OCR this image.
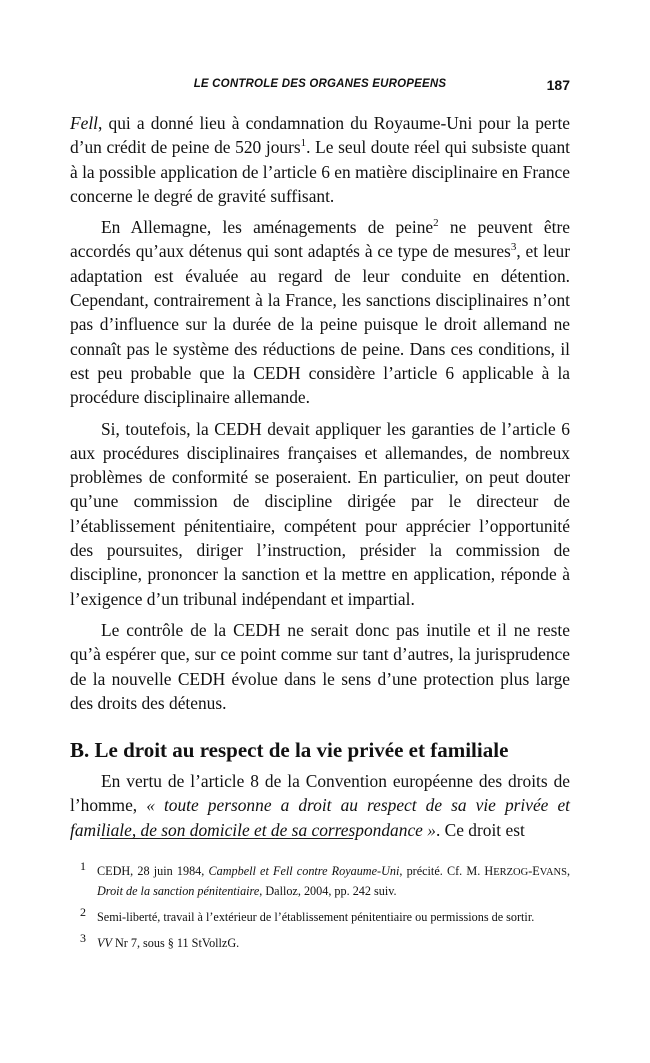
LE CONTROLE DES ORGANES EUROPEENS	187

Fell, qui a donné lieu à condamnation du Royaume-Uni pour la perte d’un crédit de peine de 520 jours$^1$. Le seul doute réel qui subsiste quant à la possible application de l’article 6 en matière disciplinaire en France concerne le degré de gravité suffisant.

En Allemagne, les aménagements de peine$^2$ ne peuvent être accordés qu’aux détenus qui sont adaptés à ce type de mesures$^3$, et leur adaptation est évaluée au regard de leur conduite en détention. Cependant, contrairement à la France, les sanctions disciplinaires n’ont pas d’influence sur la durée de la peine puisque le droit allemand ne connaît pas le système des réductions de peine. Dans ces conditions, il est peu probable que la CEDH considère l’article 6 applicable à la procédure disciplinaire allemande.

Si, toutefois, la CEDH devait appliquer les garanties de l’article 6 aux procédures disciplinaires françaises et allemandes, de nombreux problèmes de conformité se poseraient. En particulier, on peut douter qu’une commission de discipline dirigée par le directeur de l’établissement pénitentiaire, compétent pour apprécier l’opportunité des poursuites, diriger l’instruction, présider la commission de discipline, prononcer la sanction et la mettre en application, réponde à l’exigence d’un tribunal indépendant et impartial.

Le contrôle de la CEDH ne serait donc pas inutile et il ne reste qu’à espérer que, sur ce point comme sur tant d’autres, la jurisprudence de la nouvelle CEDH évolue dans le sens d’une protection plus large des droits des détenus.

B. Le droit au respect de la vie privée et familiale

En vertu de l’article 8 de la Convention européenne des droits de l’homme, « toute personne a droit au respect de sa vie privée et familiale, de son domicile et de sa correspondance ». Ce droit est

1 CEDH, 28 juin 1984, Campbell et Fell contre Royaume-Uni, précité. Cf. M. HERZOG-EVANS, Droit de la sanction pénitentiaire, Dalloz, 2004, pp. 242 suiv.
2 Semi-liberté, travail à l’extérieur de l’établissement pénitentiaire ou permissions de sortir.
3 VV Nr 7, sous § 11 StVollzG.
